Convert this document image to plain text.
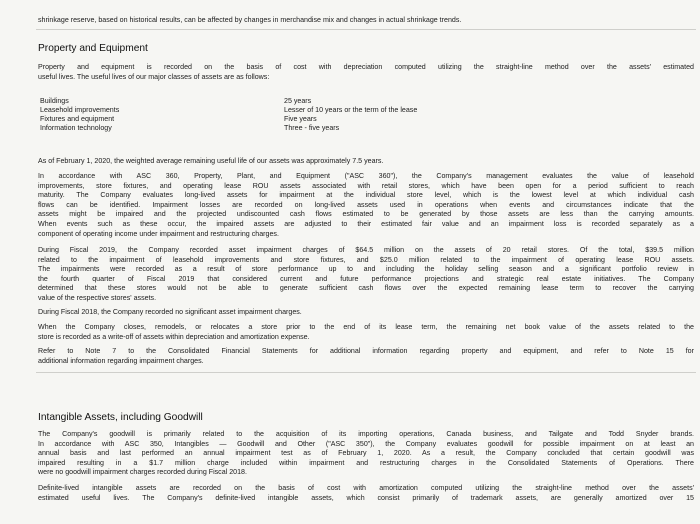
shrinkage reserve, based on historical results, can be affected by changes in merchandise mix and changes in actual shrinkage trends.
Property and Equipment
Property and equipment is recorded on the basis of cost with depreciation computed utilizing the straight-line method over the assets' estimated
useful lives. The useful lives of our major classes of assets are as follows:
Buildings	25 years
Leasehold improvements	Lesser of 10 years or the term of the lease
Fixtures and equipment	Five years
Information technology	Three - five years
As of February 1, 2020, the weighted average remaining useful life of our assets was approximately 7.5 years.
In accordance with ASC 360, Property, Plant, and Equipment ("ASC 360"), the Company's management evaluates the value of leasehold
improvements, store fixtures, and operating lease ROU assets associated with retail stores, which have been open for a period sufficient to reach
maturity. The Company evaluates long-lived assets for impairment at the individual store level, which is the lowest level at which individual cash
flows can be identified. Impairment losses are recorded on long-lived assets used in operations when events and circumstances indicate that the
assets might be impaired and the projected undiscounted cash flows estimated to be generated by those assets are less than the carrying amounts.
When events such as these occur, the impaired assets are adjusted to their estimated fair value and an impairment loss is recorded separately as a
component of operating income under impairment and restructuring charges.
During Fiscal 2019, the Company recorded asset impairment charges of $64.5 million on the assets of 20 retail stores. Of the total, $39.5 million
related to the impairment of leasehold improvements and store fixtures, and $25.0 million related to the impairment of operating lease ROU assets.
The impairments were recorded as a result of store performance up to and including the holiday selling season and a significant portfolio review in
the fourth quarter of Fiscal 2019 that considered current and future performance projections and strategic real estate initiatives. The Company
determined that these stores would not be able to generate sufficient cash flows over the expected remaining lease term to recover the carrying
value of the respective stores' assets.
During Fiscal 2018, the Company recorded no significant asset impairment charges.
When the Company closes, remodels, or relocates a store prior to the end of its lease term, the remaining net book value of the assets related to the
store is recorded as a write-off of assets within depreciation and amortization expense.
Refer to Note 7 to the Consolidated Financial Statements for additional information regarding property and equipment, and refer to Note 15 for
additional information regarding impairment charges.
Intangible Assets, including Goodwill
The Company's goodwill is primarily related to the acquisition of its importing operations, Canada business, and Tailgate and Todd Snyder brands.
In accordance with ASC 350, Intangibles — Goodwill and Other ("ASC 350"), the Company evaluates goodwill for possible impairment on at least an
annual basis and last performed an annual impairment test as of February 1, 2020. As a result, the Company concluded that certain goodwill was
impaired resulting in a $1.7 million charge included within impairment and restructuring charges in the Consolidated Statements of Operations. There
were no goodwill impairment charges recorded during Fiscal 2018.
Definite-lived intangible assets are recorded on the basis of cost with amortization computed utilizing the straight-line method over the assets'
estimated useful lives. The Company's definite-lived intangible assets, which consist primarily of trademark assets, are generally amortized over 15
